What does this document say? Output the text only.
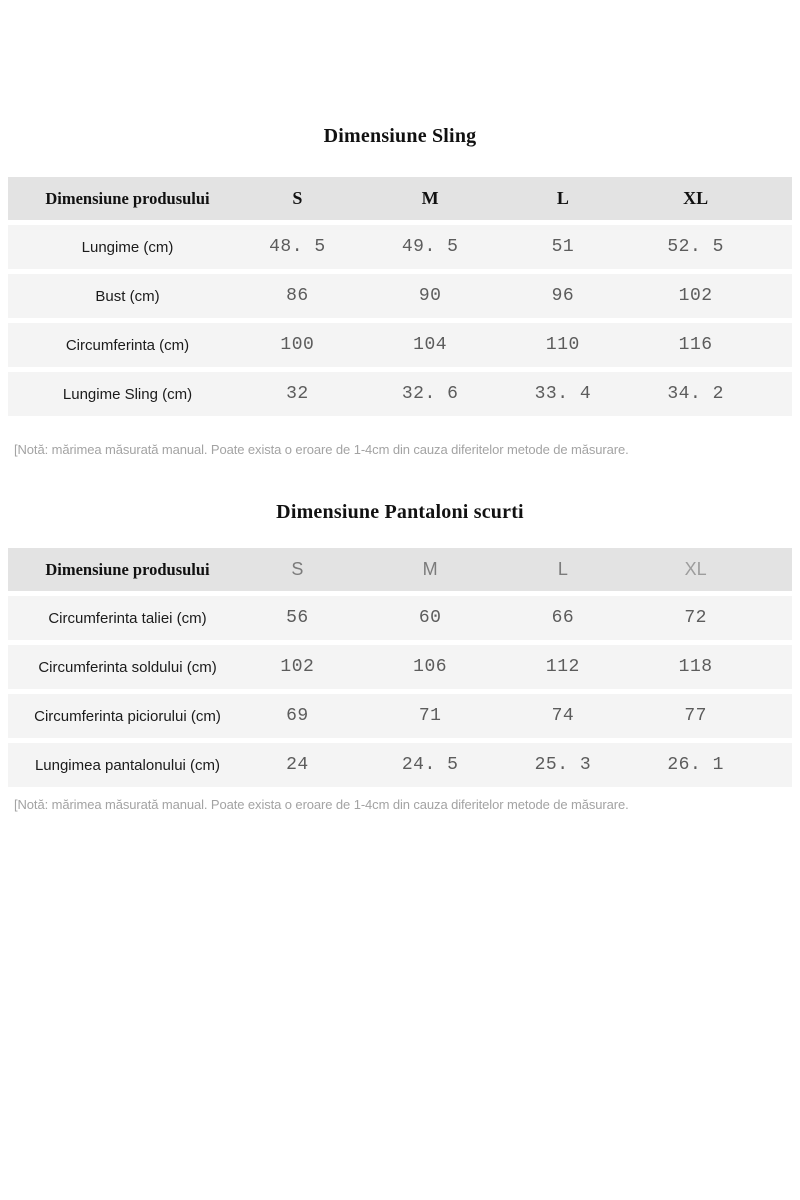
Dimensiune Sling
Dimensiune produsului	S	M	L	XL
Lungime (cm)	48. 5	49. 5	51	52. 5
Bust (cm)	86	90	96	102
Circumferinta (cm)	100	104	110	116
Lungime Sling (cm)	32	32. 6	33. 4	34. 2

[Notă: mărimea măsurată manual. Poate exista o eroare de 1-4cm din cauza diferitelor metode de măsurare.

Dimensiune Pantaloni scurti
Dimensiune produsului	S	M	L	XL
Circumferinta taliei (cm)	56	60	66	72
Circumferinta soldului (cm)	102	106	112	118
Circumferinta piciorului (cm)	69	71	74	77
Lungimea pantalonului (cm)	24	24. 5	25. 3	26. 1

[Notă: mărimea măsurată manual. Poate exista o eroare de 1-4cm din cauza diferitelor metode de măsurare.
